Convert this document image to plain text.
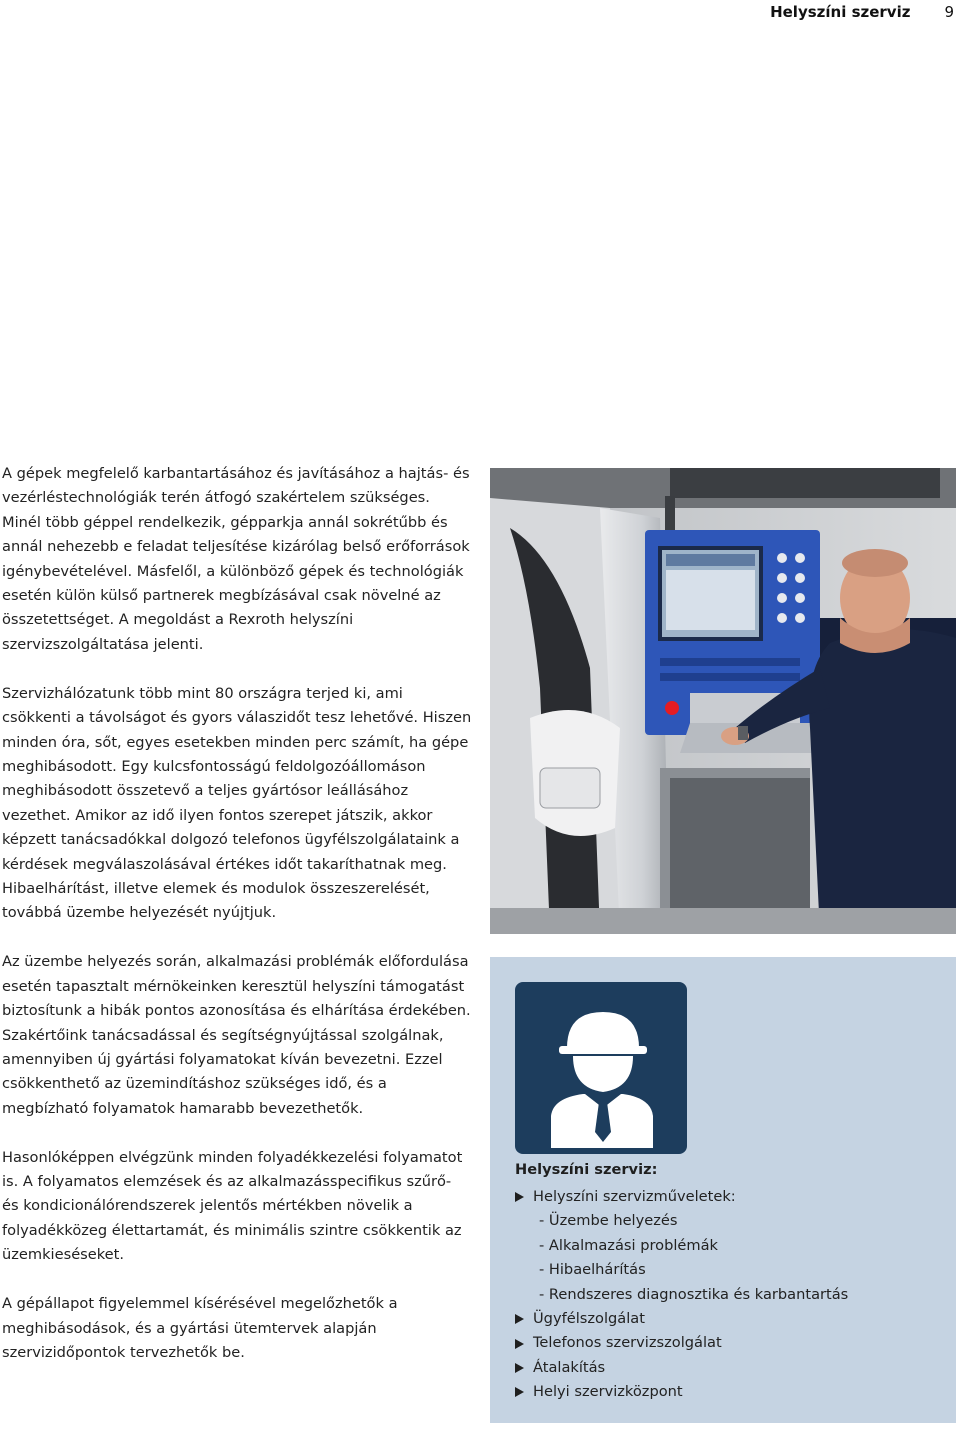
Helyszíni szerviz 9

A gépek megfelelő karbantartásához és javításához a hajtás- és vezérléstechnológiák terén átfogó szakértelem szükséges. Minél több géppel rendelkezik, gépparkja annál sokrétűbb és annál nehezebb e feladat teljesítése kizárólag belső erőforrások igénybevételével. Másfelől, a különböző gépek és technológiák esetén külön külső partnerek megbízásával csak növelné az összetettséget. A megoldást a Rexroth helyszíni szervizszolgáltatása jelenti.

Szervizhálózatunk több mint 80 országra terjed ki, ami csökkenti a távolságot és gyors válaszidőt tesz lehetővé. Hiszen minden óra, sőt, egyes esetekben minden perc számít, ha gépe meghibásodott. Egy kulcsfontosságú feldolgozóállomáson meghibásodott összetevő a teljes gyártósor leállásához vezethet. Amikor az idő ilyen fontos szerepet játszik, akkor képzett tanácsadókkal dolgozó telefonos ügyfélszolgálataink a kérdések megválaszolásával értékes időt takaríthatnak meg. Hibaelhárítást, illetve elemek és modulok összeszerelését, továbbá üzembe helyezését nyújtjuk.

Az üzembe helyezés során, alkalmazási problémák előfordulása esetén tapasztalt mérnökeinken keresztül helyszíni támogatást biztosítunk a hibák pontos azonosítása és elhárítása érdekében. Szakértőink tanácsadással és segítségnyújtással szolgálnak, amennyiben új gyártási folyamatokat kíván bevezetni. Ezzel csökkenthető az üzemindításhoz szükséges idő, és a megbízható folyamatok hamarabb bevezethetők.

Hasonlóképpen elvégzünk minden folyadékkezelési folyamatot is. A folyamatos elemzések és az alkalmazásspecifikus szűrő- és kondicionálórendszerek jelentős mértékben növelik a folyadékközeg élettartamát, és minimális szintre csökkentik az üzemkieséseket.

A gépállapot figyelemmel kísérésével megelőzhetők a meghibásodások, és a gyártási ütemtervek alapján szervizidőpontok tervezhetők be.

Helyszíni szerviz:
Helyszíni szervizműveletek:
- Üzembe helyezés
- Alkalmazási problémák
- Hibaelhárítás
- Rendszeres diagnosztika és karbantartás
Ügyfélszolgálat
Telefonos szervizszolgálat
Átalakítás
Helyi szervizközpont
